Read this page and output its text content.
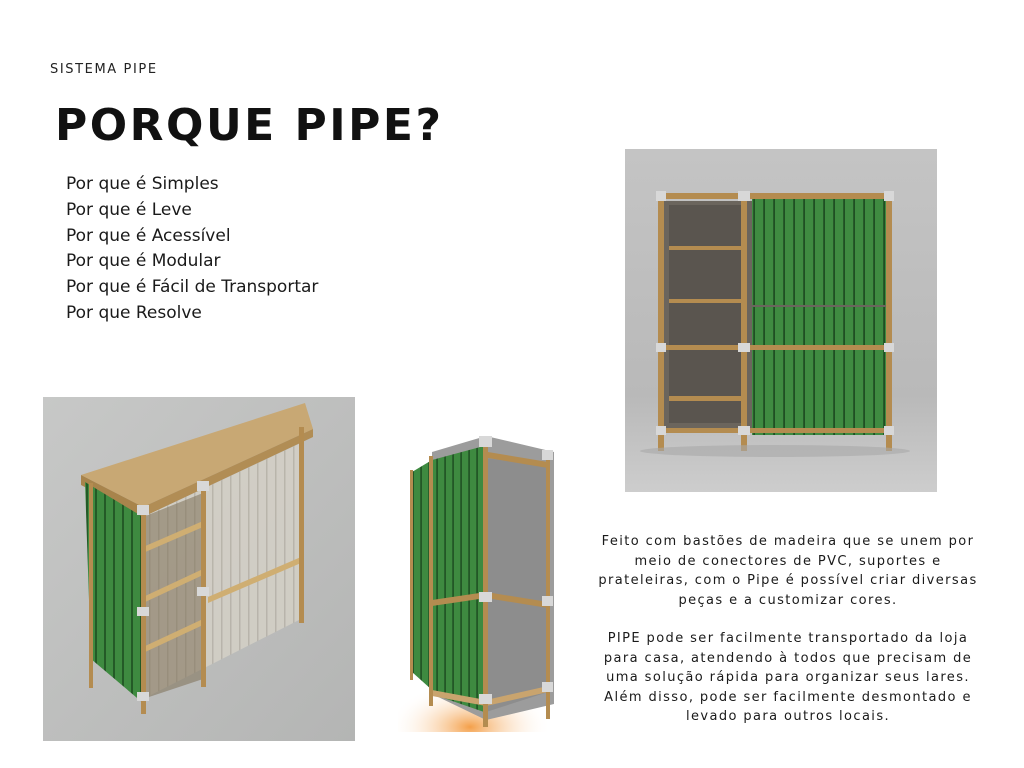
SISTEMA PIPE
PORQUE PIPE?
Por que é Simples
Por que é Leve
Por que é Acessível
Por que é Modular
Por que é Fácil de Transportar
Por que Resolve

Feito com bastões de madeira que se unem por
meio de conectores de PVC, suportes e
prateleiras, com o Pipe é possível criar diversas
peças e a customizar cores.

PIPE pode ser facilmente transportado da loja
para casa, atendendo à todos que precisam de
uma solução rápida para organizar seus lares.
Além disso, pode ser facilmente desmontado e
levado para outros locais.
